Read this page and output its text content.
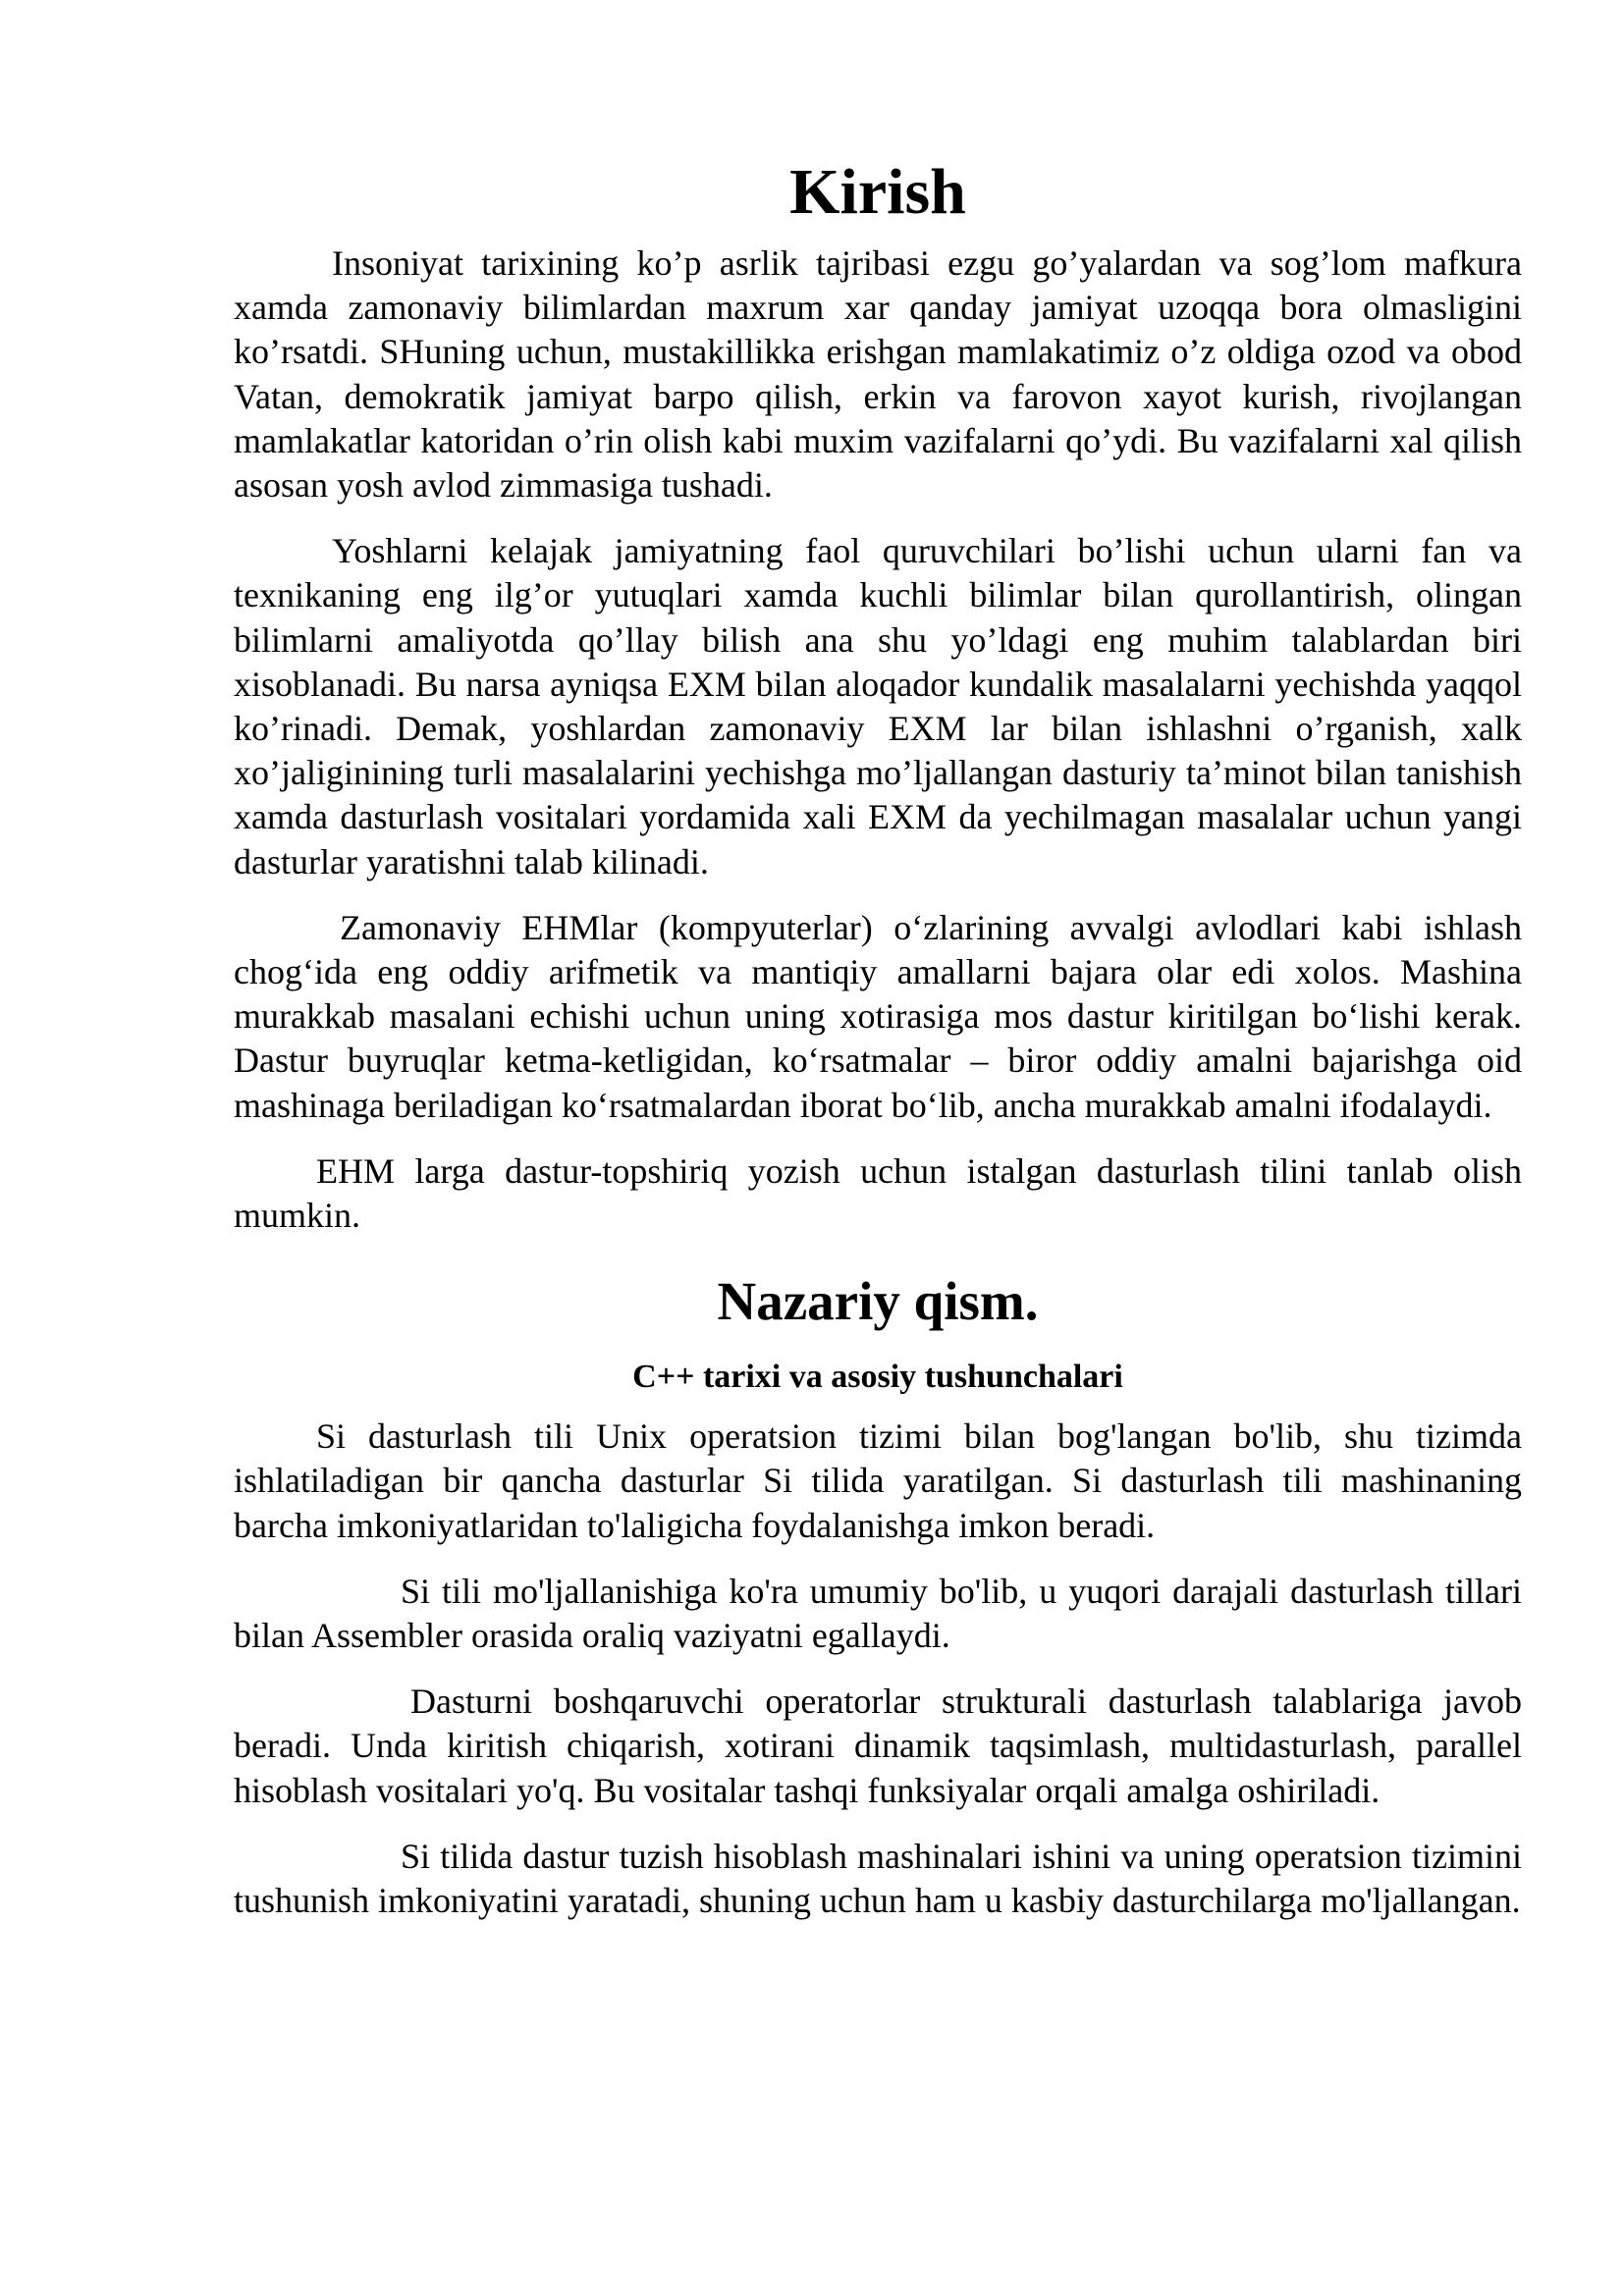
Kirish

Insoniyat tarixining ko’p asrlik tajribasi ezgu go’yalardan va sog’lom mafkura xamda zamonaviy bilimlardan maxrum xar qanday jamiyat uzoqqa bora olmasligini ko’rsatdi. SHuning uchun, mustakillikka erishgan mamlakatimiz o’z oldiga ozod va obod Vatan, demokratik jamiyat barpo qilish, erkin va farovon xayot kurish, rivojlangan mamlakatlar katoridan o’rin olish kabi muxim vazifalarni qo’ydi. Bu vazifalarni xal qilish asosan yosh avlod zimmasiga tushadi.

Yoshlarni kelajak jamiyatning faol quruvchilari bo’lishi uchun ularni fan va texnikaning eng ilg’or yutuqlari xamda kuchli bilimlar bilan qurollantirish, olingan bilimlarni amaliyotda qo’llay bilish ana shu yo’ldagi eng muhim talablardan biri xisoblanadi. Bu narsa ayniqsa EXM bilan aloqador kundalik masalalarni yechishda yaqqol ko’rinadi. Demak, yoshlardan zamonaviy EXM lar bilan ishlashni o’rganish, xalk xo’jaliginining turli masalalarini yechishga mo’ljallangan dasturiy ta’minot bilan tanishish xamda dasturlash vositalari yordamida xali EXM da yechilmagan masalalar uchun yangi dasturlar yaratishni talab kilinadi.

Zamonaviy EHMlar (kompyuterlar) o‘zlarining avvalgi avlodlari kabi ishlash chog‘ida eng oddiy arifmetik va mantiqiy amallarni bajara olar edi xolos. Mashina murakkab masalani echishi uchun uning xotirasiga mos dastur kiritilgan bo‘lishi kerak. Dastur buyruqlar ketma-ketligidan, ko‘rsatmalar – biror oddiy amalni bajarishga oid mashinaga beriladigan ko‘rsatmalardan iborat bo‘lib, ancha murakkab amalni ifodalaydi.

EHM larga dastur-topshiriq yozish uchun istalgan dasturlash tilini tanlab olish mumkin.

Nazariy qism.
C++ tarixi va asosiy tushunchalari

Si dasturlash tili Unix operatsion tizimi bilan bog'langan bo'lib, shu tizimda ishlatiladigan bir qancha dasturlar Si tilida yaratilgan. Si dasturlash tili mashinaning barcha imkoniyatlaridan to'laligicha foydalanishga imkon beradi.

Si tili mo'ljallanishiga ko'ra umumiy bo'lib, u yuqori darajali dasturlash tillari bilan Assembler orasida oraliq vaziyatni egallaydi.

Dasturni boshqaruvchi operatorlar strukturali dasturlash talablariga javob beradi. Unda kiritish chiqarish, xotirani dinamik taqsimlash, multidasturlash, parallel hisoblash vositalari yo'q. Bu vositalar tashqi funksiyalar orqali amalga oshiriladi.

Si tilida dastur tuzish hisoblash mashinalari ishini va uning operatsion tizimini tushunish imkoniyatini yaratadi, shuning uchun ham u kasbiy dasturchilarga mo'ljallangan.
